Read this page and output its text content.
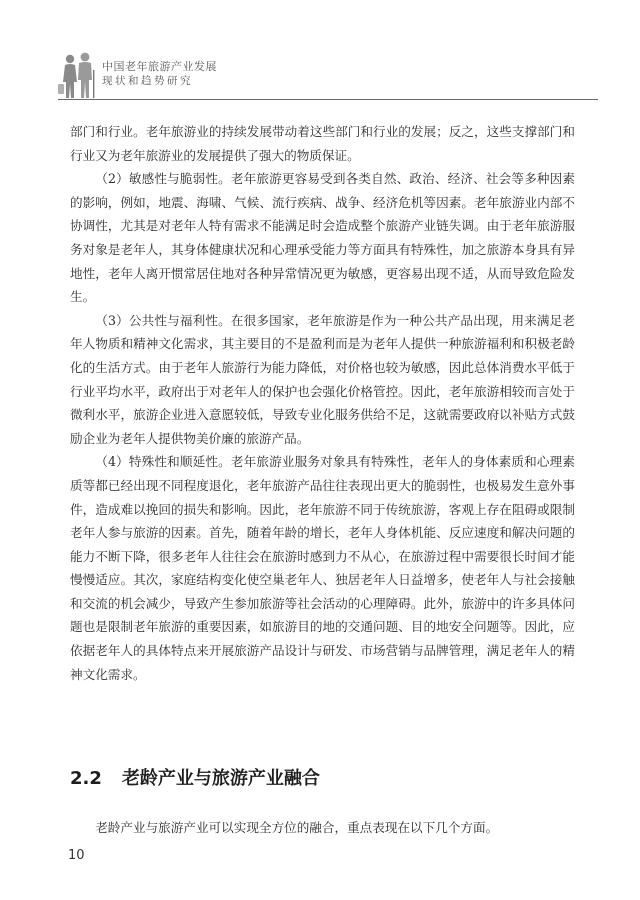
中国老年旅游产业发展
现状和趋势研究

部门和行业。老年旅游业的持续发展带动着这些部门和行业的发展；反之，这些支撑部门和行业又为老年旅游业的发展提供了强大的物质保证。

（2）敏感性与脆弱性。老年旅游更容易受到各类自然、政治、经济、社会等多种因素的影响，例如，地震、海啸、气候、流行疾病、战争、经济危机等因素。老年旅游业内部不协调性，尤其是对老年人特有需求不能满足时会造成整个旅游产业链失调。由于老年旅游服务对象是老年人，其身体健康状况和心理承受能力等方面具有特殊性，加之旅游本身具有异地性，老年人离开惯常居住地对各种异常情况更为敏感，更容易出现不适，从而导致危险发生。

（3）公共性与福利性。在很多国家，老年旅游是作为一种公共产品出现，用来满足老年人物质和精神文化需求，其主要目的不是盈利而是为老年人提供一种旅游福利和积极老龄化的生活方式。由于老年人旅游行为能力降低，对价格也较为敏感，因此总体消费水平低于行业平均水平，政府出于对老年人的保护也会强化价格管控。因此，老年旅游相较而言处于微利水平，旅游企业进入意愿较低，导致专业化服务供给不足，这就需要政府以补贴方式鼓励企业为老年人提供物美价廉的旅游产品。

（4）特殊性和顺延性。老年旅游业服务对象具有特殊性，老年人的身体素质和心理素质等都已经出现不同程度退化，老年旅游产品往往表现出更大的脆弱性，也极易发生意外事件，造成难以挽回的损失和影响。因此，老年旅游不同于传统旅游，客观上存在阻碍或限制老年人参与旅游的因素。首先，随着年龄的增长，老年人身体机能、反应速度和解决问题的能力不断下降，很多老年人往往会在旅游时感到力不从心，在旅游过程中需要很长时间才能慢慢适应。其次，家庭结构变化使空巢老年人、独居老年人日益增多，使老年人与社会接触和交流的机会减少，导致产生参加旅游等社会活动的心理障碍。此外，旅游中的许多具体问题也是限制老年旅游的重要因素，如旅游目的地的交通问题、目的地安全问题等。因此，应依据老年人的具体特点来开展旅游产品设计与研发、市场营销与品牌管理，满足老年人的精神文化需求。

2.2 老龄产业与旅游产业融合
老龄产业与旅游产业可以实现全方位的融合，重点表现在以下几个方面。
10
